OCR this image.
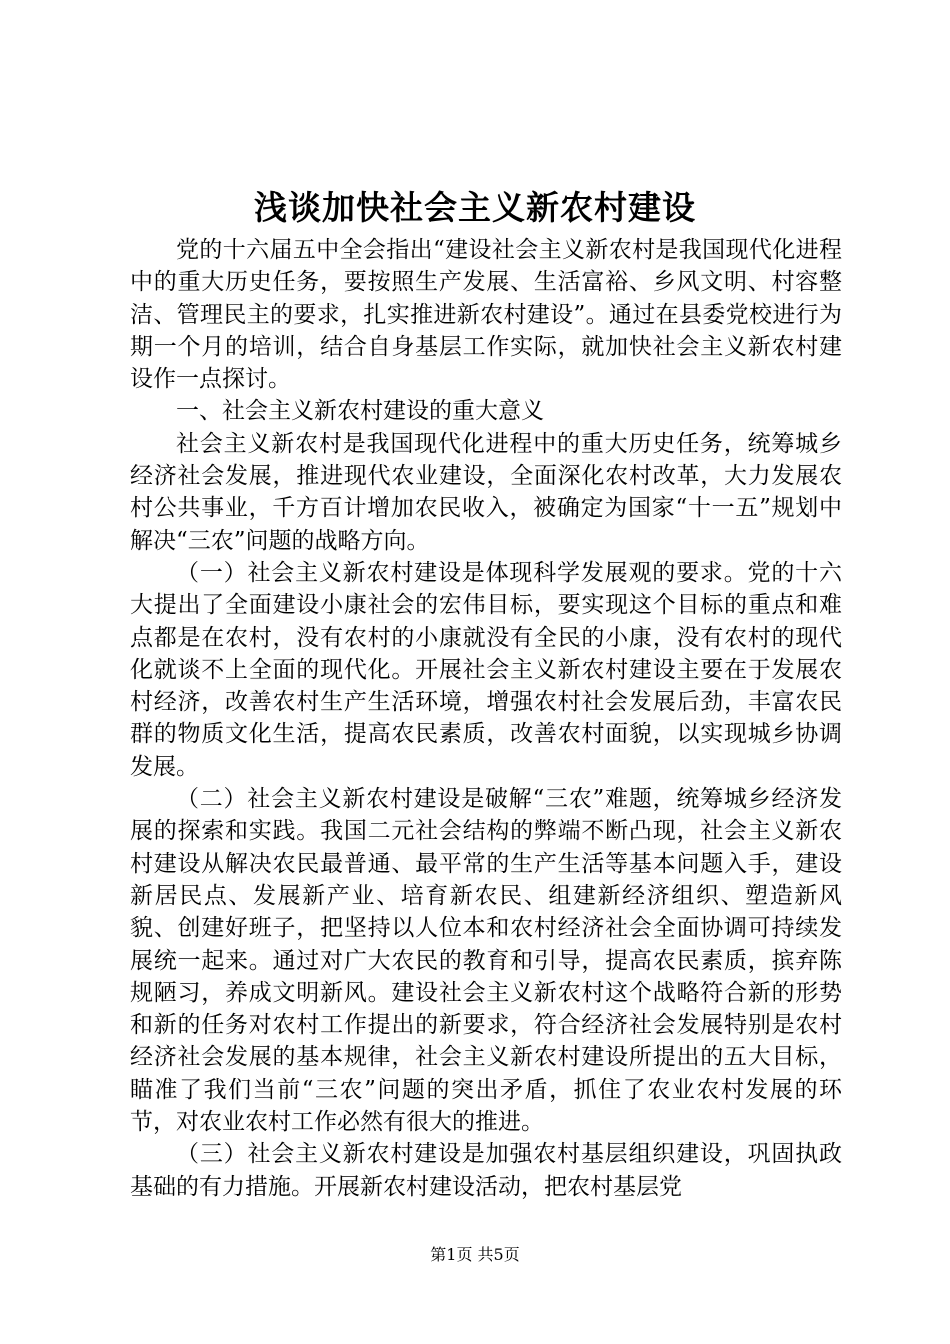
浅谈加快社会主义新农村建设

党的十六届五中全会指出“建设社会主义新农村是我国现代化进程中的重大历史任务，要按照生产发展、生活富裕、乡风文明、村容整洁、管理民主的要求，扎实推进新农村建设”。通过在县委党校进行为期一个月的培训，结合自身基层工作实际，就加快社会主义新农村建设作一点探讨。

一、社会主义新农村建设的重大意义

社会主义新农村是我国现代化进程中的重大历史任务，统筹城乡经济社会发展，推进现代农业建设，全面深化农村改革，大力发展农村公共事业，千方百计增加农民收入，被确定为国家“十一五”规划中解决“三农”问题的战略方向。

（一）社会主义新农村建设是体现科学发展观的要求。党的十六大提出了全面建设小康社会的宏伟目标，要实现这个目标的重点和难点都是在农村，没有农村的小康就没有全民的小康，没有农村的现代化就谈不上全面的现代化。开展社会主义新农村建设主要在于发展农村经济，改善农村生产生活环境，增强农村社会发展后劲，丰富农民群的物质文化生活，提高农民素质，改善农村面貌，以实现城乡协调发展。

（二）社会主义新农村建设是破解“三农”难题，统筹城乡经济发展的探索和实践。我国二元社会结构的弊端不断凸现，社会主义新农村建设从解决农民最普通、最平常的生产生活等基本问题入手，建设新居民点、发展新产业、培育新农民、组建新经济组织、塑造新风貌、创建好班子，把坚持以人位本和农村经济社会全面协调可持续发展统一起来。通过对广大农民的教育和引导，提高农民素质，摈弃陈规陋习，养成文明新风。建设社会主义新农村这个战略符合新的形势和新的任务对农村工作提出的新要求，符合经济社会发展特别是农村经济社会发展的基本规律，社会主义新农村建设所提出的五大目标，瞄准了我们当前“三农”问题的突出矛盾，抓住了农业农村发展的环节，对农业农村工作必然有很大的推进。

（三）社会主义新农村建设是加强农村基层组织建设，巩固执政基础的有力措施。开展新农村建设活动，把农村基层党

第1页 共5页
